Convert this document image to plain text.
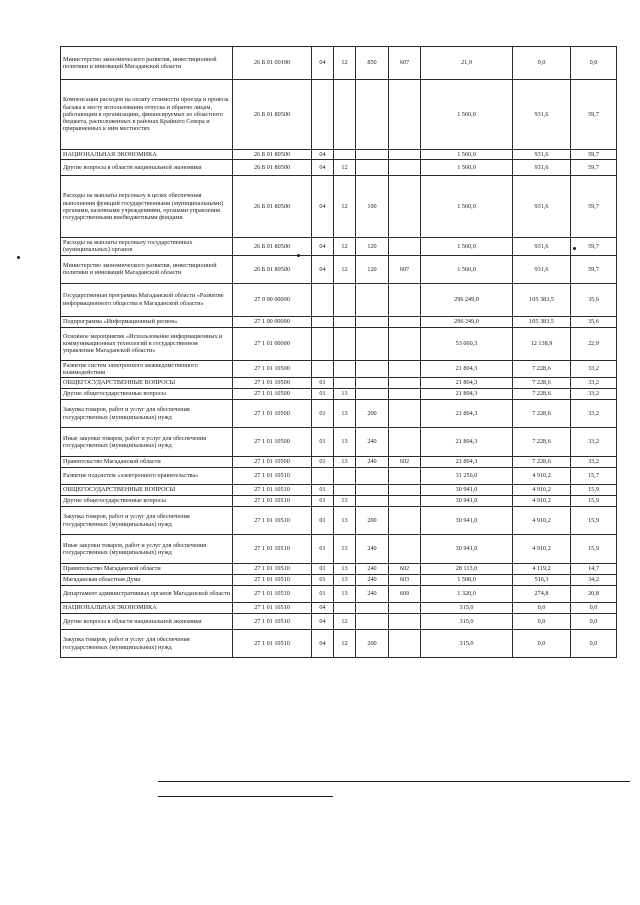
Министерство экономического развития, инвестиционной политики и инноваций Магаданской области	26 Б 01 00190	04	12	850	607	21,9	0,0	0,0
Компенсация расходов на оплату стоимости проезда и провоза багажа к месту использования отпуска и обратно лицам, работающим в организациях, финансируемых из областного бюджета, расположенных в районах Крайнего Севера и приравненных к ним местностях	26 Б 01 80500					1 560,0	931,6	59,7
НАЦИОНАЛЬНАЯ ЭКОНОМИКА	26 Б 01 80500	04				1 560,0	931,6	59,7
Другие вопросы в области национальной экономики	26 Б 01 80500	04	12			1 560,0	931,6	59,7
Расходы на выплаты персоналу в целях обеспечения выполнения функций государственными (муниципальными) органами, казенными учреждениями, органами управления государственными внебюджетными фондами	26 Б 01 80500	04	12	100		1 560,0	931,6	59,7
Расходы на выплаты персоналу государственных (муниципальных) органов	26 Б 01 80500	04	12	120		1 560,0	931,6	59,7
Министерство экономического развития, инвестиционной политики и инноваций Магаданской области	26 Б 01 80500	04	12	120	607	1 560,0	931,6	59,7
Государственная программа Магаданской области «Развитие информационного общества в Магаданской области»	27 0 00 00000					296 249,0	105 383,5	35,6
Подпрограмма «Информационный регион»	27 1 00 00000					296 249,0	105 383,5	35,6
Основное мероприятие «Использование информационных и коммуникационных технологий в государственном управлении Магаданской области»	27 1 01 00000					53 060,3	12 138,9	22,9
Развитие систем электронного межведомственного взаимодействия	27 1 01 10500					21 804,3	7 228,6	33,2
ОБЩЕГОСУДАРСТВЕННЫЕ ВОПРОСЫ	27 1 01 10500	01				21 804,3	7 228,6	33,2
Другие общегосударственные вопросы	27 1 01 10500	01	13			21 804,3	7 228,6	33,2
Закупка товаров, работ и услуг для обеспечения государственных (муниципальных) нужд	27 1 01 10500	01	13	200		21 804,3	7 228,6	33,2
Иные закупки товаров, работ и услуг для обеспечения государственных (муниципальных) нужд	27 1 01 10500	01	13	240		21 804,3	7 228,6	33,2
Правительство Магаданской области	27 1 01 10500	01	13	240	602	21 804,3	7 228,6	33,2
Развитие подсистем «электронного правительства»	27 1 01 10510					31 256,0	4 910,2	15,7
ОБЩЕГОСУДАРСТВЕННЫЕ ВОПРОСЫ	27 1 01 10510	01				30 941,0	4 910,2	15,9
Другие общегосударственные вопросы	27 1 01 10510	01	13			30 941,0	4 910,2	15,9
Закупка товаров, работ и услуг для обеспечения государственных (муниципальных) нужд	27 1 01 10510	01	13	200		30 941,0	4 910,2	15,9
Иные закупки товаров, работ и услуг для обеспечения государственных (муниципальных) нужд	27 1 01 10510	01	13	240		30 941,0	4 910,2	15,9
Правительство Магаданской области	27 1 01 10510	01	13	240	602	28 113,0	4 119,2	14,7
Магаданская областная Дума	27 1 01 10510	01	13	240	603	1 508,0	516,3	34,2
Департамент административных органов Магаданской области	27 1 01 10510	01	13	240	609	1 320,0	274,8	20,8
НАЦИОНАЛЬНАЯ ЭКОНОМИКА	27 1 01 10510	04				315,0	0,0	0,0
Другие вопросы в области национальной экономики	27 1 01 10510	04	12			315,0	0,0	0,0
Закупка товаров, работ и услуг для обеспечения государственных (муниципальных) нужд	27 1 01 10510	04	12	200		315,0	0,0	0,0
